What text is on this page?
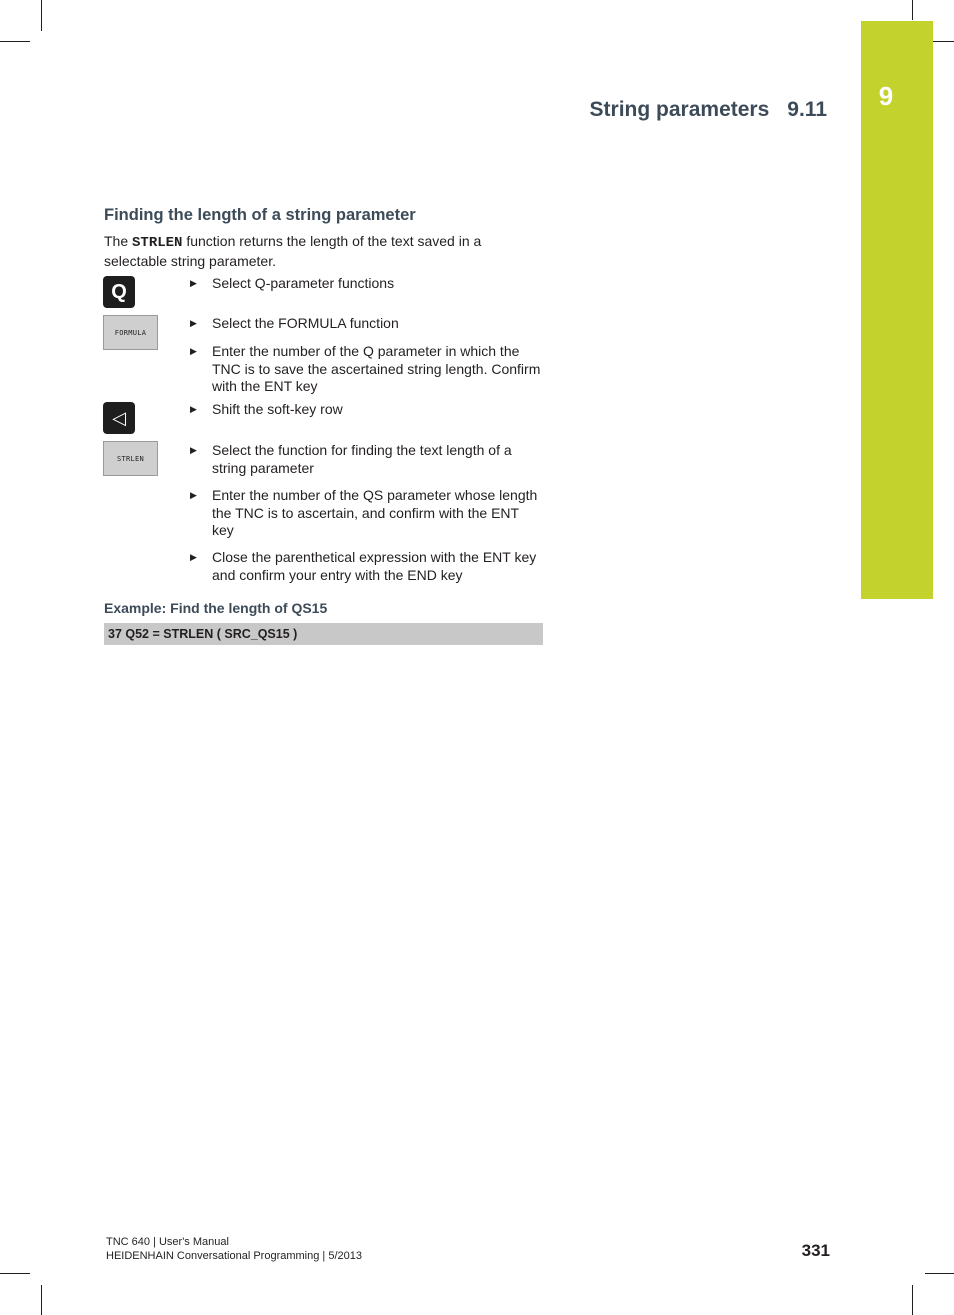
9
String parameters 9.11
Finding the length of a string parameter
The STRLEN function returns the length of the text saved in a selectable string parameter.
Q
FORMULA
◁
STRLEN
▶ Select Q-parameter functions
▶ Select the FORMULA function
▶ Enter the number of the Q parameter in which the TNC is to save the ascertained string length. Confirm with the ENT key
▶ Shift the soft-key row
▶ Select the function for finding the text length of a string parameter
▶ Enter the number of the QS parameter whose length the TNC is to ascertain, and confirm with the ENT key
▶ Close the parenthetical expression with the ENT key and confirm your entry with the END key
Example: Find the length of QS15
37 Q52 = STRLEN ( SRC_QS15 )
TNC 640 | User's Manual
HEIDENHAIN Conversational Programming | 5/2013	331
